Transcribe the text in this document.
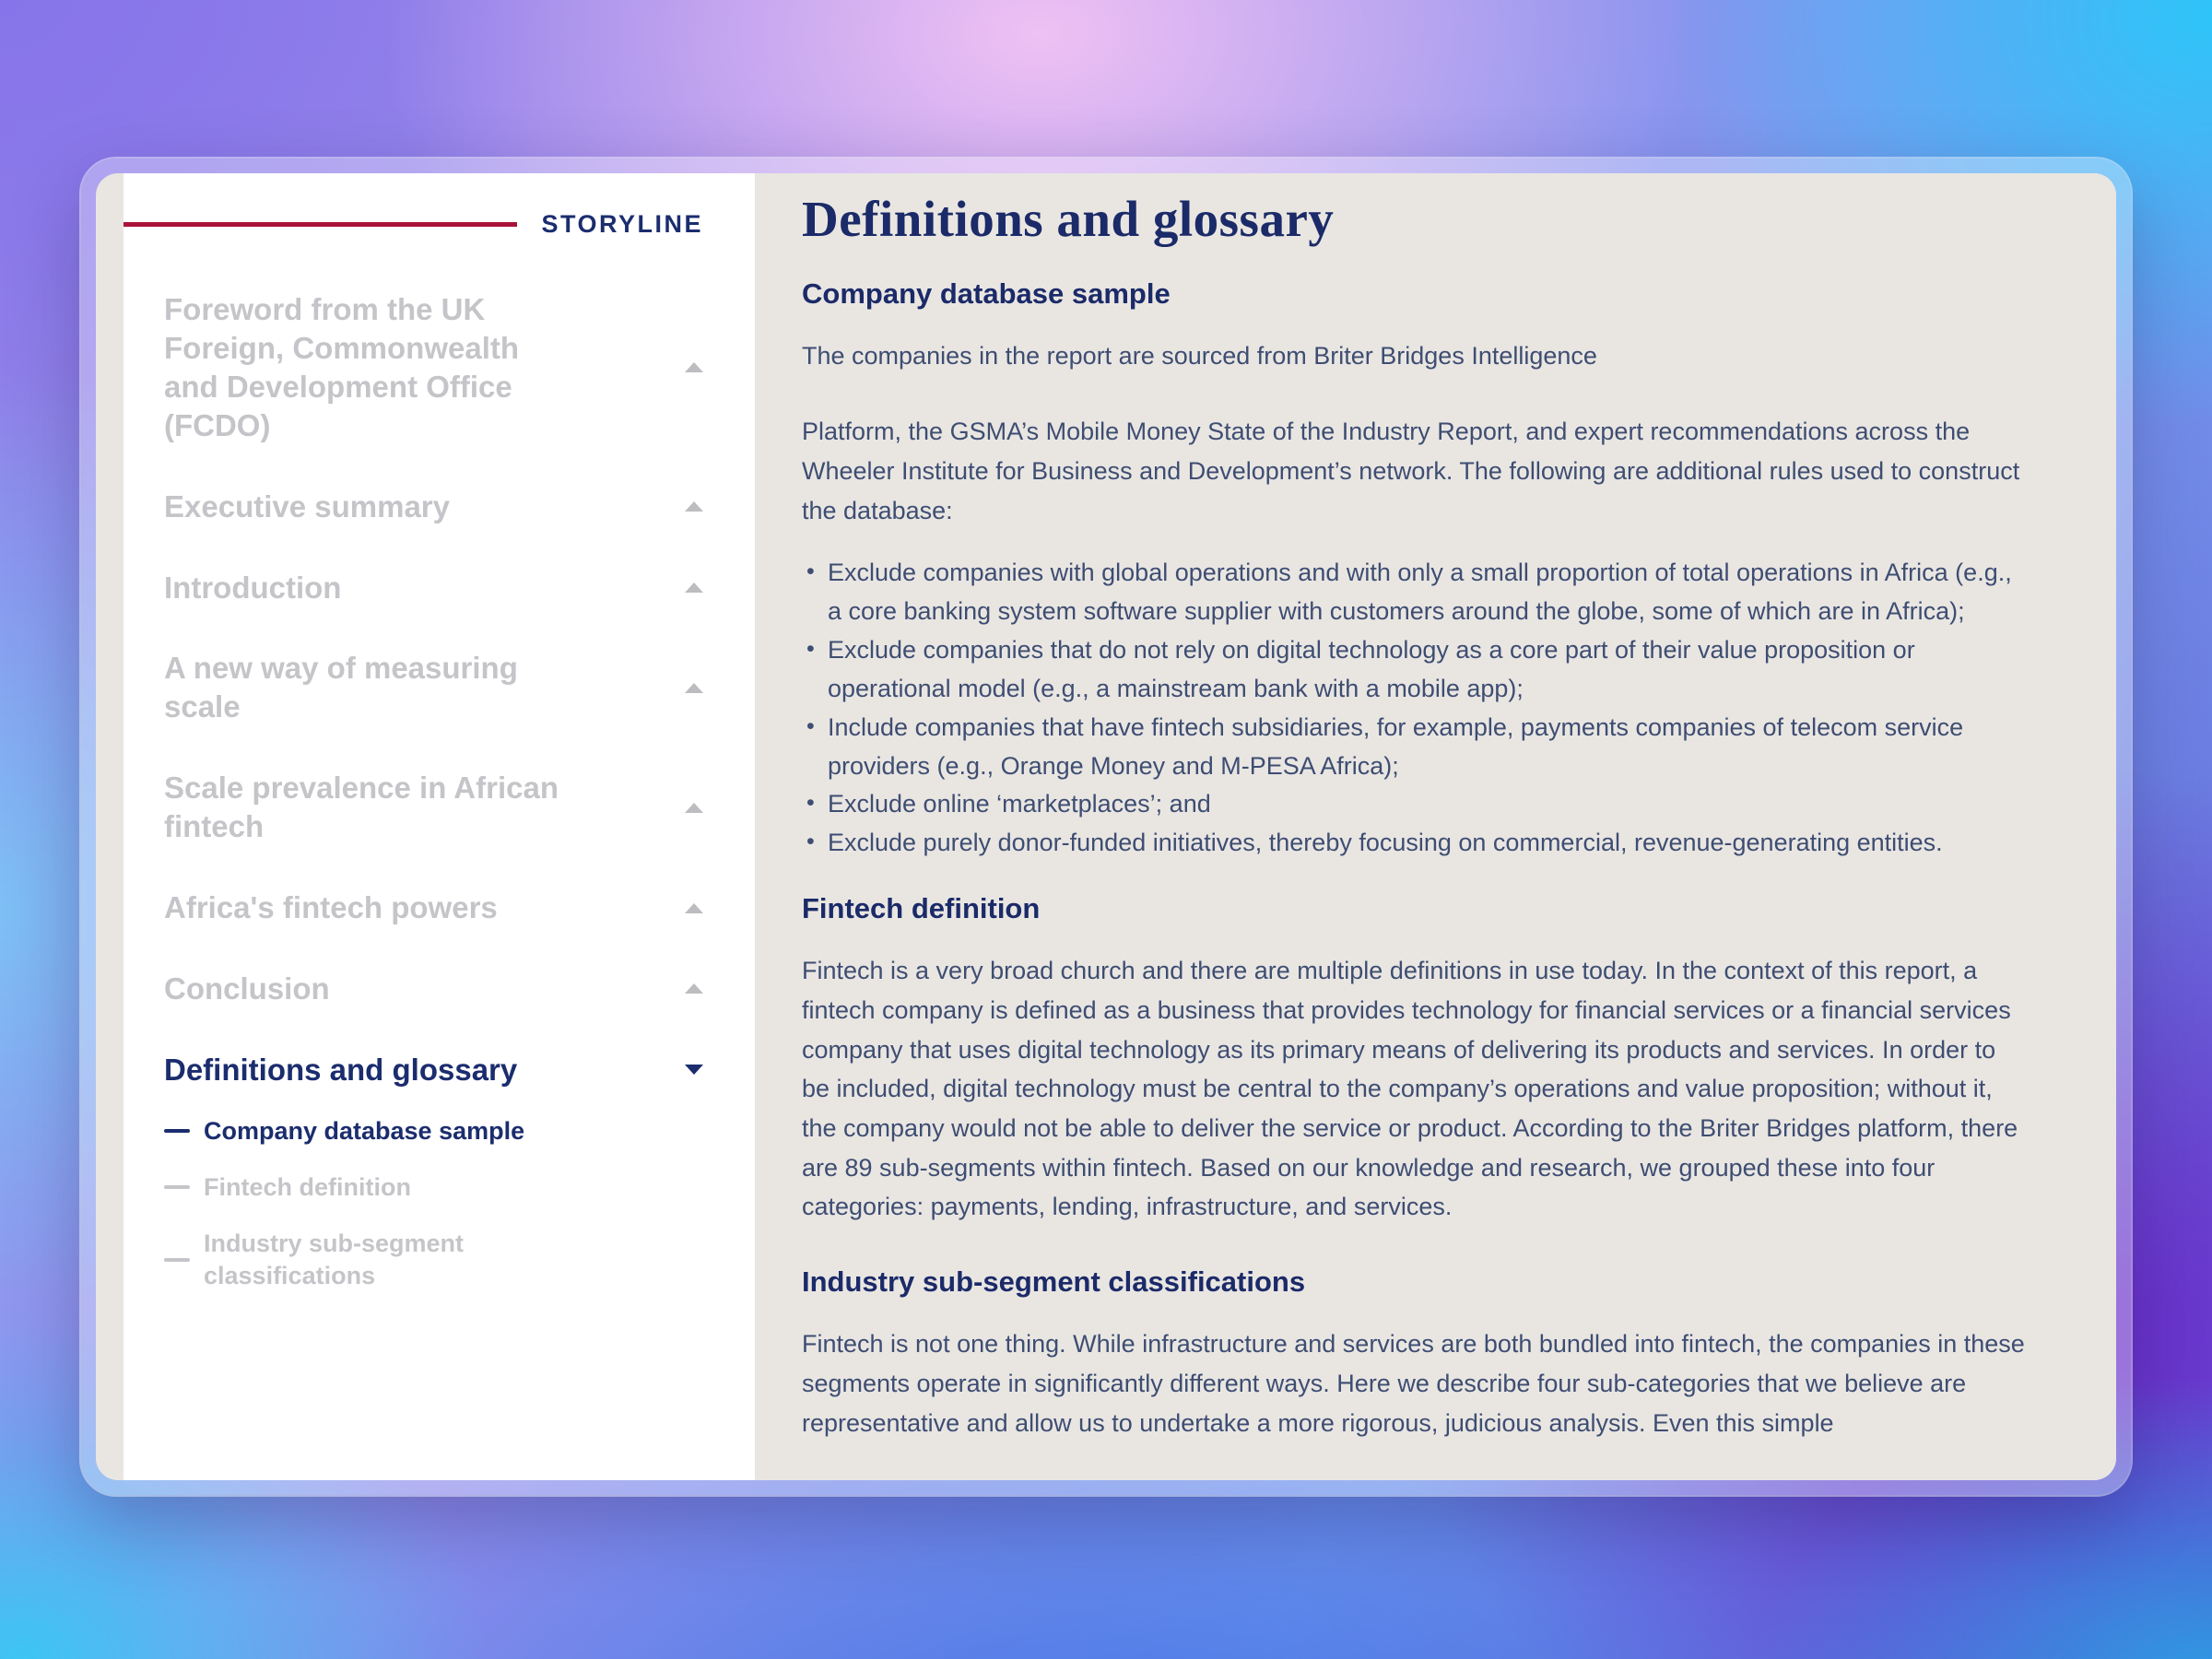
STORYLINE
Foreword from the UK Foreign, Commonwealth and Development Office (FCDO)
Executive summary
Introduction
A new way of measuring scale
Scale prevalence in African fintech
Africa's fintech powers
Conclusion
Definitions and glossary
Company database sample
Fintech definition
Industry sub-segment classifications
Definitions and glossary
Company database sample

The companies in the report are sourced from Briter Bridges Intelligence

Platform, the GSMA’s Mobile Money State of the Industry Report, and expert recommendations across the Wheeler Institute for Business and Development’s network. The following are additional rules used to construct the database:

• Exclude companies with global operations and with only a small proportion of total operations in Africa (e.g., a core banking system software supplier with customers around the globe, some of which are in Africa);
• Exclude companies that do not rely on digital technology as a core part of their value proposition or operational model (e.g., a mainstream bank with a mobile app);
• Include companies that have fintech subsidiaries, for example, payments companies of telecom service providers (e.g., Orange Money and M-PESA Africa);
• Exclude online ‘marketplaces’; and
• Exclude purely donor-funded initiatives, thereby focusing on commercial, revenue-generating entities.
Fintech definition

Fintech is a very broad church and there are multiple definitions in use today. In the context of this report, a fintech company is defined as a business that provides technology for financial services or a financial services company that uses digital technology as its primary means of delivering its products and services. In order to be included, digital technology must be central to the company’s operations and value proposition; without it, the company would not be able to deliver the service or product. According to the Briter Bridges platform, there are 89 sub-segments within fintech. Based on our knowledge and research, we grouped these into four categories: payments, lending, infrastructure, and services.

Industry sub-segment classifications

Fintech is not one thing. While infrastructure and services are both bundled into fintech, the companies in these segments operate in significantly different ways. Here we describe four sub-categories that we believe are representative and allow us to undertake a more rigorous, judicious analysis. Even this simple
